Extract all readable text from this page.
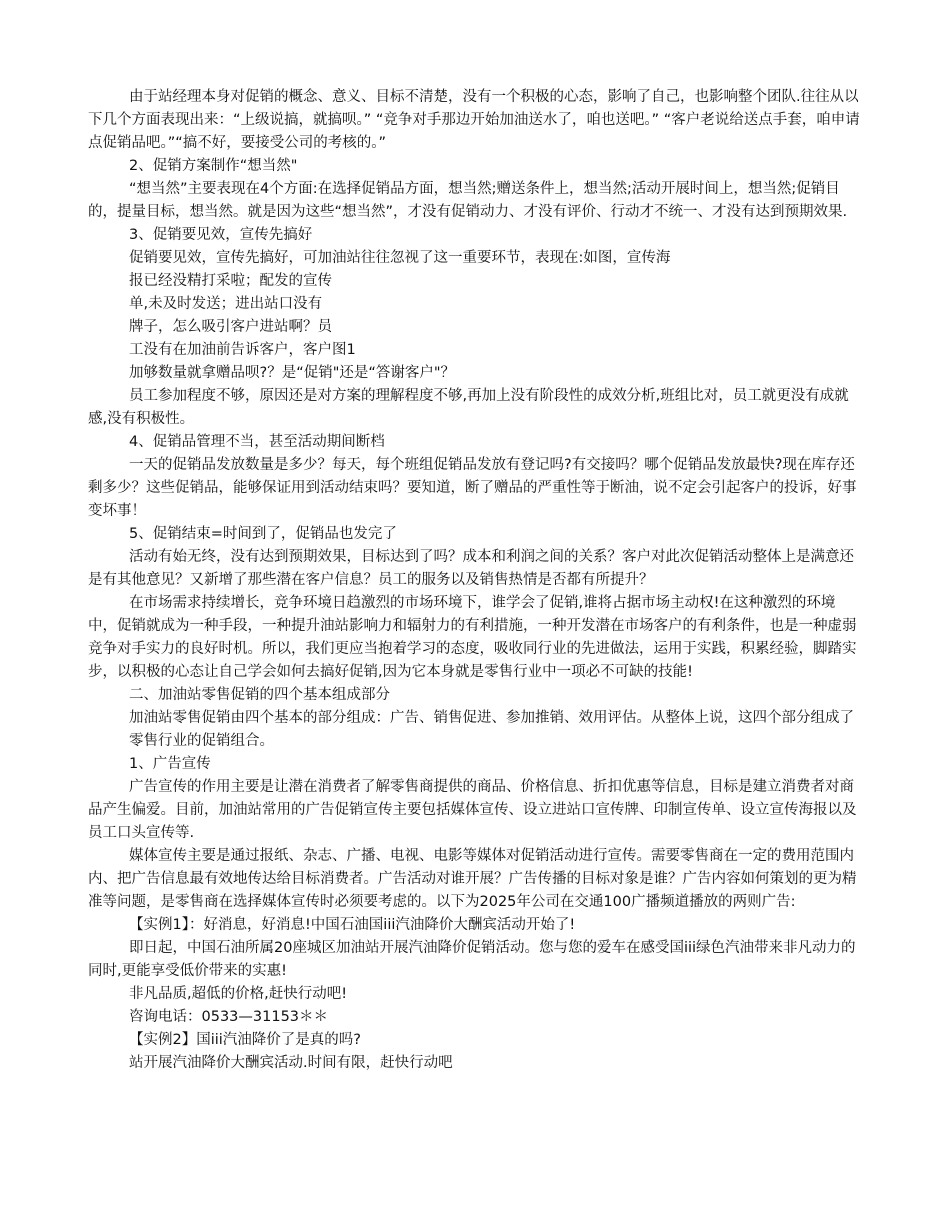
由于站经理本身对促销的概念、意义、目标不清楚，没有一个积极的心态，影响了自己，也影响整个团队.往往从以下几个方面表现出来：“上级说搞，就搞呗。” “竞争对手那边开始加油送水了，咱也送吧。” “客户老说给送点手套，咱申请点促销品吧。”“搞不好，要接受公司的考核的。”

2、促销方案制作“想当然"

“想当然”主要表现在4个方面:在选择促销品方面，想当然;赠送条件上，想当然;活动开展时间上，想当然;促销目的，提量目标，想当然。就是因为这些“想当然”，才没有促销动力、才没有评价、行动才不统一、才没有达到预期效果.

3、促销要见效，宣传先搞好

促销要见效，宣传先搞好，可加油站往往忽视了这一重要环节，表现在:如图，宣传海

报已经没精打采啦；配发的宣传

单,未及时发送；进出站口没有

牌子，怎么吸引客户进站啊？员

工没有在加油前告诉客户，客户图1

加够数量就拿赠品呗?？是“促销"还是“答谢客户"？

员工参加程度不够，原因还是对方案的理解程度不够,再加上没有阶段性的成效分析,班组比对，员工就更没有成就感,没有积极性。

4、促销品管理不当，甚至活动期间断档

一天的促销品发放数量是多少？每天，每个班组促销品发放有登记吗?有交接吗？哪个促销品发放最快?现在库存还剩多少？这些促销品，能够保证用到活动结束吗？要知道，断了赠品的严重性等于断油，说不定会引起客户的投诉，好事变坏事！

5、促销结束=时间到了，促销品也发完了

活动有始无终，没有达到预期效果，目标达到了吗？成本和利润之间的关系？客户对此次促销活动整体上是满意还是有其他意见？又新增了那些潜在客户信息？员工的服务以及销售热情是否都有所提升？

在市场需求持续增长，竞争环境日趋激烈的市场环境下，谁学会了促销,谁将占据市场主动权!在这种激烈的环境中，促销就成为一种手段，一种提升油站影响力和辐射力的有利措施，一种开发潜在市场客户的有利条件，也是一种虚弱竞争对手实力的良好时机。所以，我们更应当抱着学习的态度，吸收同行业的先进做法，运用于实践，积累经验，脚踏实步，以积极的心态让自己学会如何去搞好促销,因为它本身就是零售行业中一项必不可缺的技能!

二、加油站零售促销的四个基本组成部分

加油站零售促销由四个基本的部分组成：广告、销售促进、参加推销、效用评估。从整体上说，这四个部分组成了

零售行业的促销组合。

1、广告宣传

广告宣传的作用主要是让潜在消费者了解零售商提供的商品、价格信息、折扣优惠等信息，目标是建立消费者对商品产生偏爱。目前，加油站常用的广告促销宣传主要包括媒体宣传、设立进站口宣传牌、印制宣传单、设立宣传海报以及员工口头宣传等.

媒体宣传主要是通过报纸、杂志、广播、电视、电影等媒体对促销活动进行宣传。需要零售商在一定的费用范围内内、把广告信息最有效地传达给目标消费者。广告活动对谁开展？广告传播的目标对象是谁？广告内容如何策划的更为精准等问题，是零售商在选择媒体宣传时必须要考虑的。以下为2025年公司在交通100广播频道播放的两则广告:

【实例1】：好消息，好消息!中国石油国iii汽油降价大酬宾活动开始了!

即日起，中国石油所属20座城区加油站开展汽油降价促销活动。您与您的爱车在感受国iii绿色汽油带来非凡动力的同时,更能享受低价带来的实惠!

非凡品质,超低的价格,赶快行动吧!

咨询电话：0533—31153＊＊

【实例2】国iii汽油降价了是真的吗?

站开展汽油降价大酬宾活动.时间有限，赶快行动吧
